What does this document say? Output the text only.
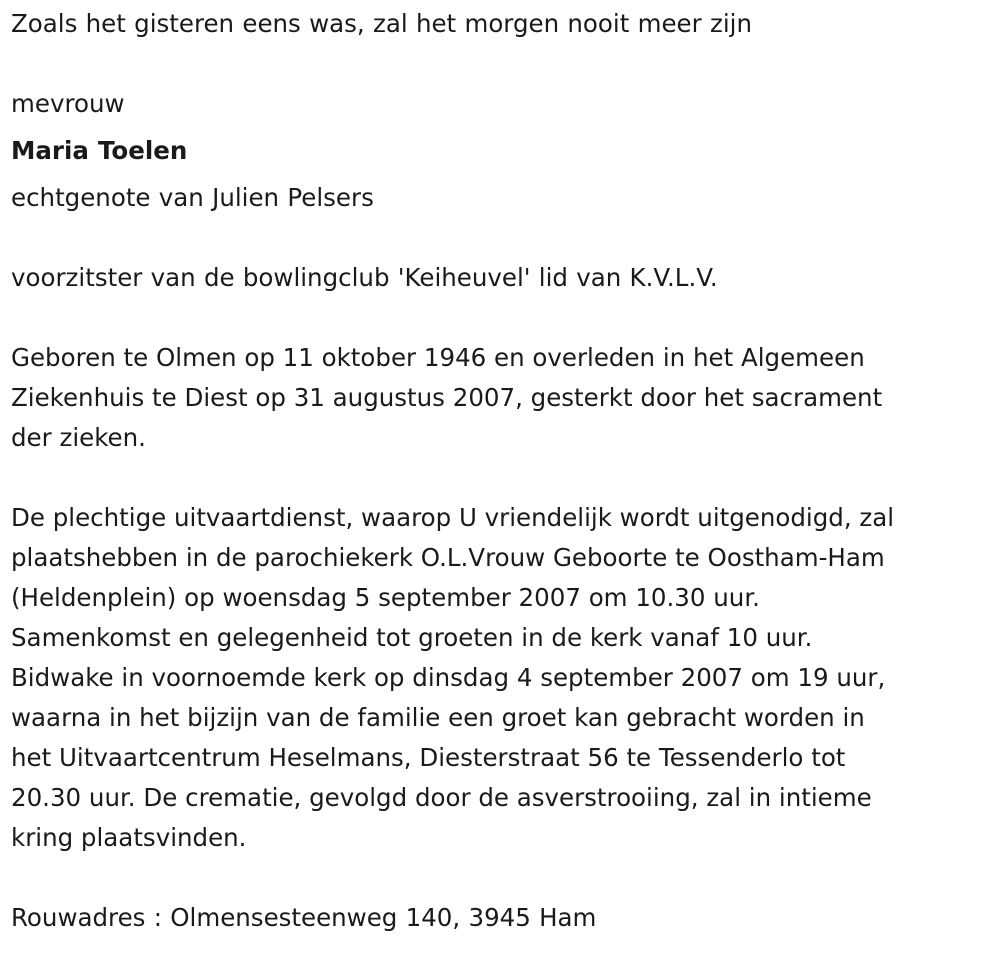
Zoals het gisteren eens was, zal het morgen nooit meer zijn

mevrouw

Maria Toelen

echtgenote van Julien Pelsers

voorzitster van de bowlingclub 'Keiheuvel' lid van K.V.L.V.

Geboren te Olmen op 11 oktober 1946 en overleden in het Algemeen
Ziekenhuis te Diest op 31 augustus 2007, gesterkt door het sacrament
der zieken.

De plechtige uitvaartdienst, waarop U vriendelijk wordt uitgenodigd, zal
plaatshebben in de parochiekerk O.L.Vrouw Geboorte te Oostham-Ham
(Heldenplein) op woensdag 5 september 2007 om 10.30 uur.
Samenkomst en gelegenheid tot groeten in de kerk vanaf 10 uur.
Bidwake in voornoemde kerk op dinsdag 4 september 2007 om 19 uur,
waarna in het bijzijn van de familie een groet kan gebracht worden in
het Uitvaartcentrum Heselmans, Diesterstraat 56 te Tessenderlo tot
20.30 uur. De crematie, gevolgd door de asverstrooiing, zal in intieme
kring plaatsvinden.

Rouwadres : Olmensesteenweg 140, 3945 Ham
